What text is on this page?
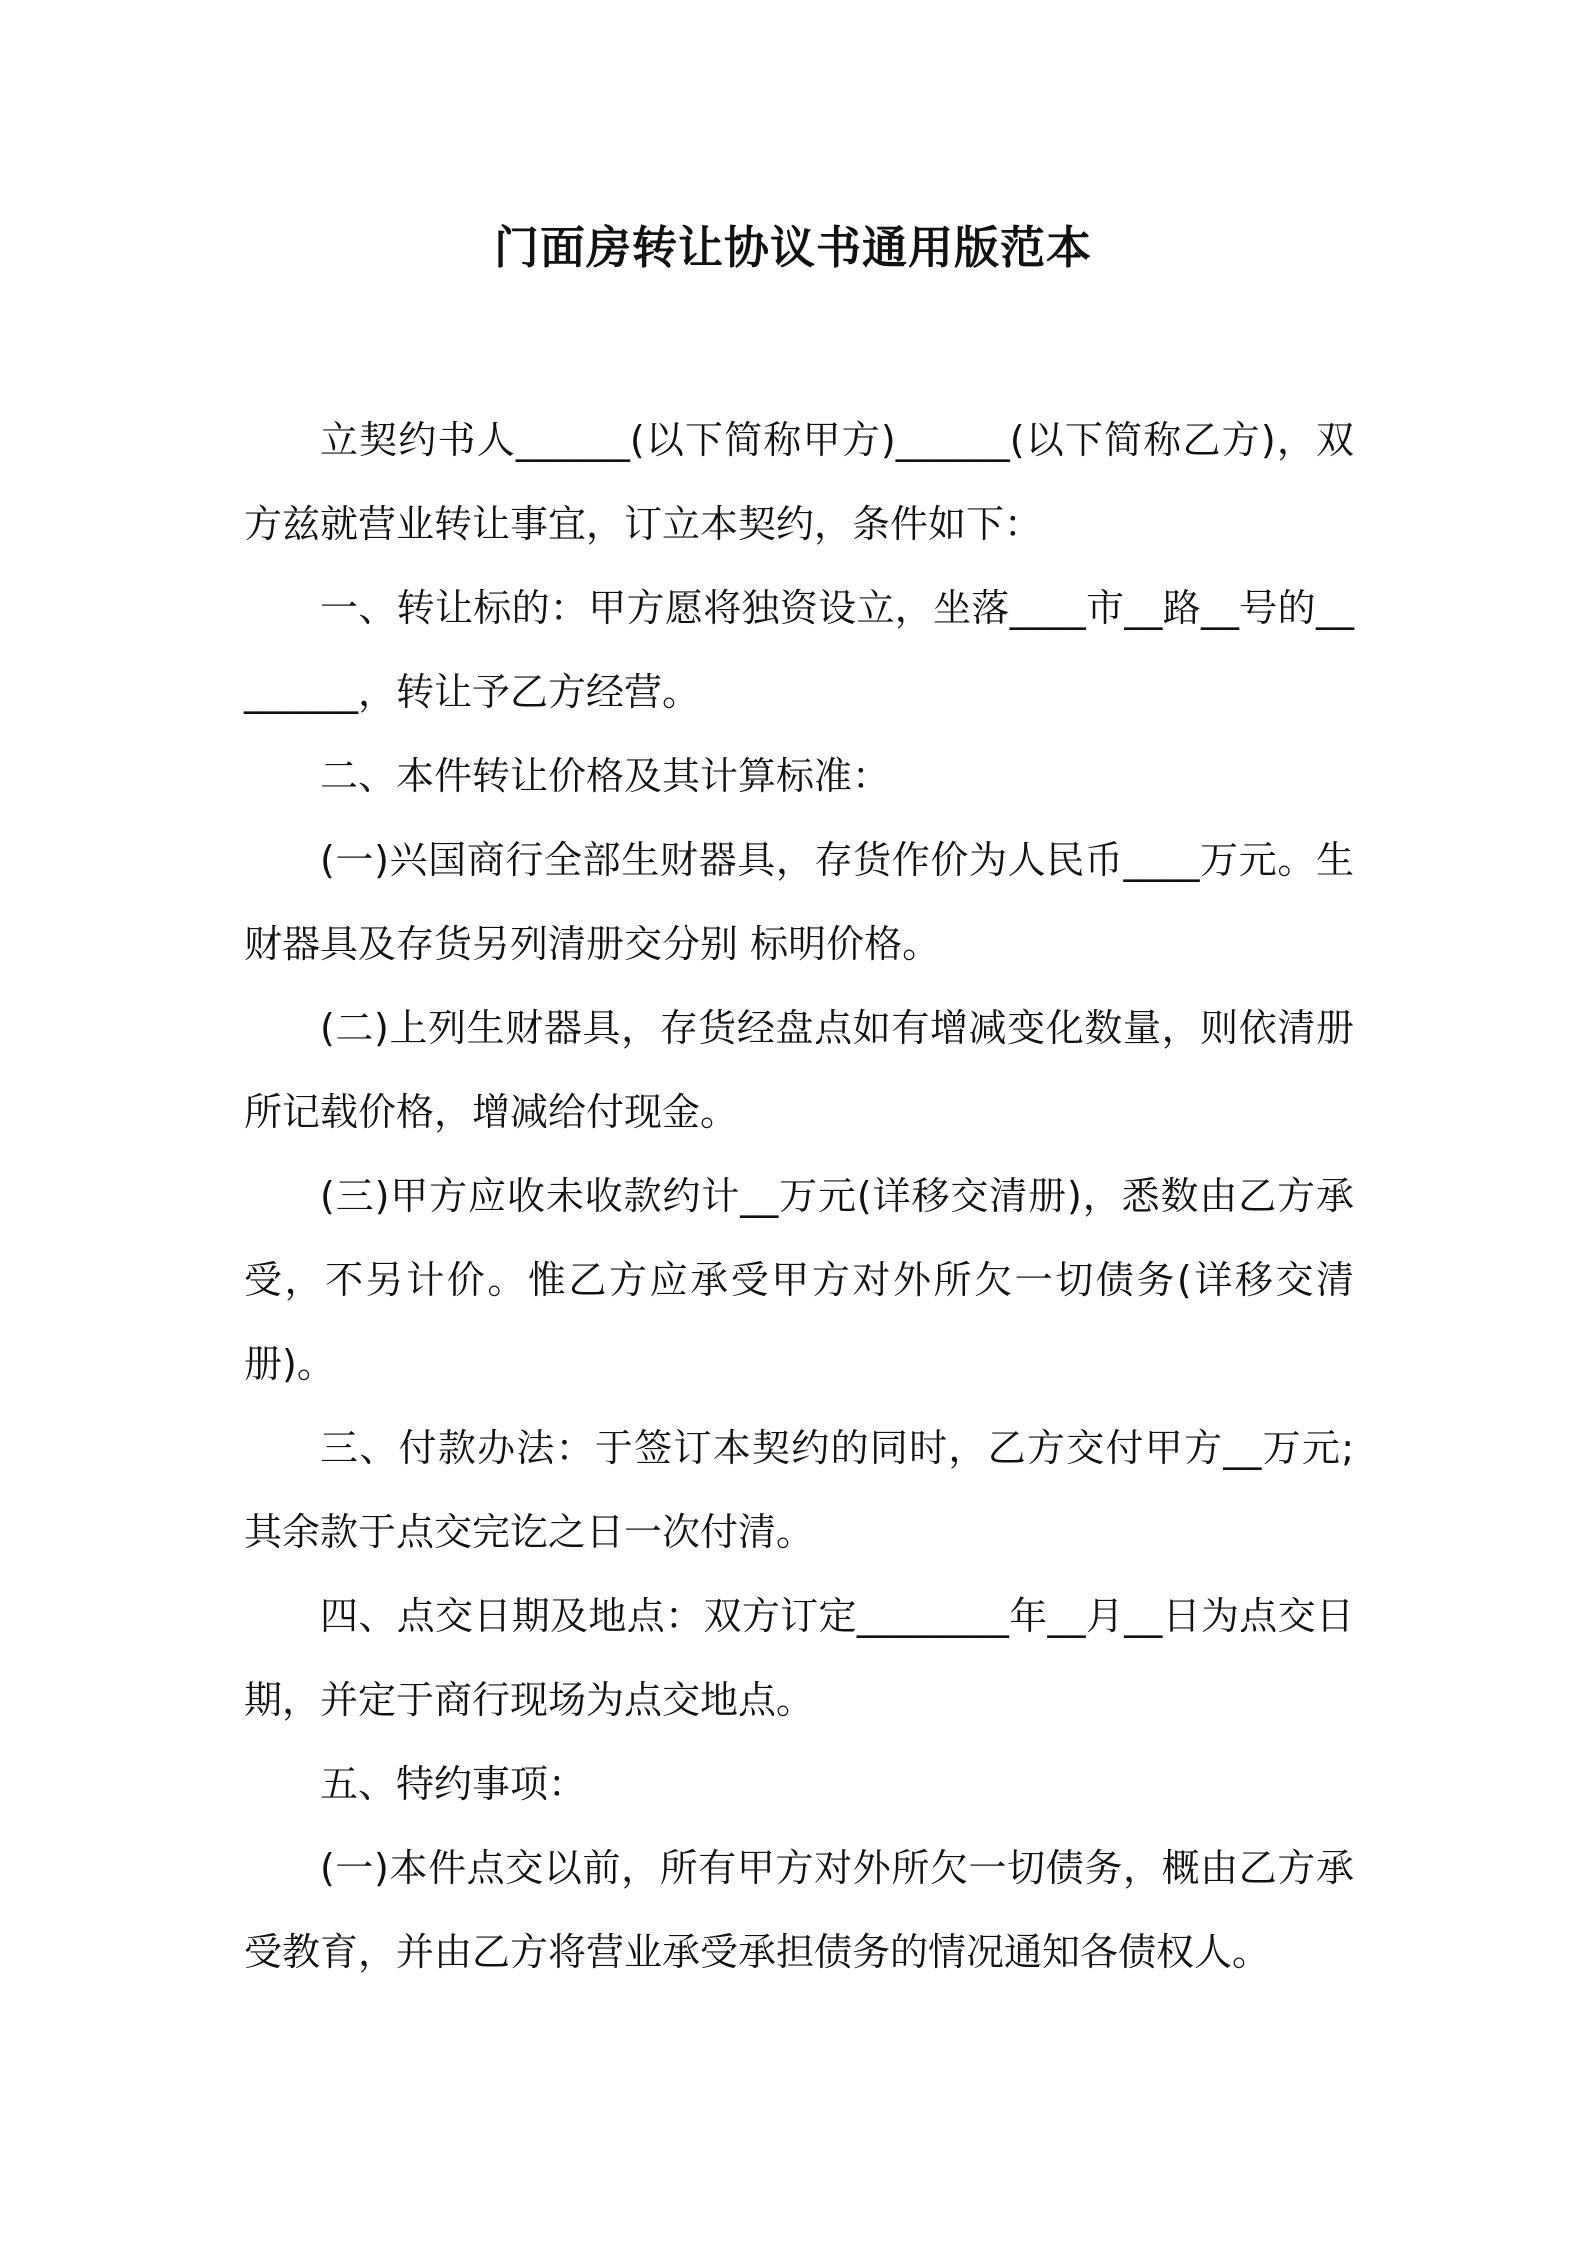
门面房转让协议书通用版范本

立契约书人______(以下简称甲方)______(以下简称乙方)，双方兹就营业转让事宜，订立本契约，条件如下：

一、转让标的：甲方愿将独资设立，坐落____市__路__号的________，转让予乙方经营。

二、本件转让价格及其计算标准：

(一)兴国商行全部生财器具，存货作价为人民币____万元。生财器具及存货另列清册交分别 标明价格。

(二)上列生财器具，存货经盘点如有增减变化数量，则依清册所记载价格，增减给付现金。

(三)甲方应收未收款约计__万元(详移交清册)，悉数由乙方承受，不另计价。惟乙方应承受甲方对外所欠一切债务(详移交清册)。

三、付款办法：于签订本契约的同时，乙方交付甲方__万元;其余款于点交完讫之日一次付清。

四、点交日期及地点：双方订定________年__月__日为点交日期，并定于商行现场为点交地点。

五、特约事项：

(一)本件点交以前，所有甲方对外所欠一切债务，概由乙方承受教育，并由乙方将营业承受承担债务的情况通知各债权人。
